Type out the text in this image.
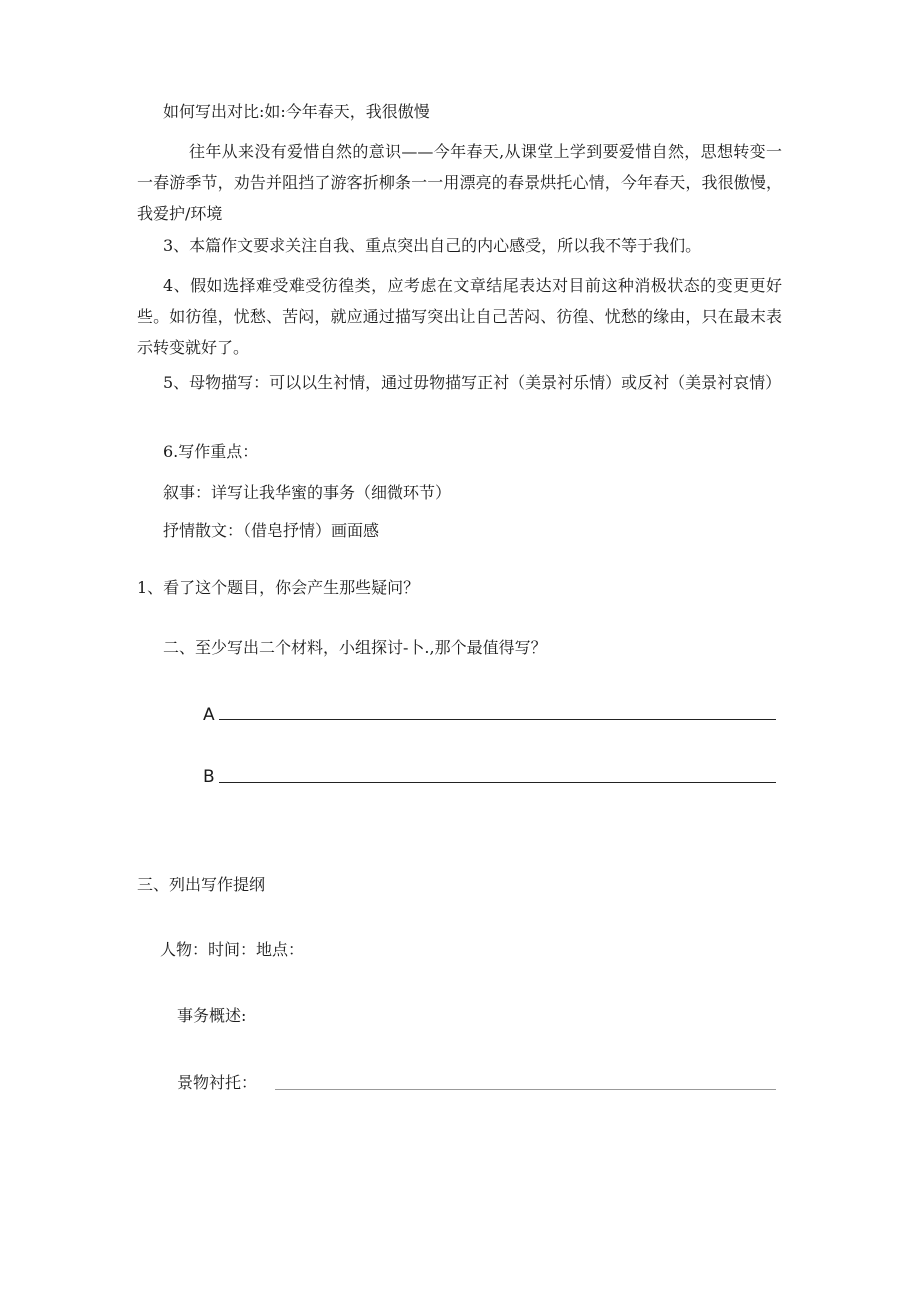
如何写出对比:如:今年春天，我很傲慢

往年从来没有爱惜自然的意识——今年春天,从课堂上学到要爱惜自然，思想转变一一春游季节，劝告并阻挡了游客折柳条一一用漂亮的春景烘托心情，今年春天，我很傲慢，我爱护/环境

3、本篇作文要求关注自我、重点突出自己的内心感受，所以我不等于我们。

4、假如选择难受难受彷徨类，应考虑在文章结尾表达对目前这种消极状态的变更更好些。如彷徨，忧愁、苦闷，就应通过描写突出让自己苦闷、彷徨、忧愁的缘由，只在最末表示转变就好了。

5、母物描写：可以以生衬情，通过毋物描写正衬（美景衬乐情）或反衬（美景衬哀情）

6.写作重点：
叙事：详写让我华蜜的事务（细微环节）
抒情散文：（借皂抒情）画面感
1、看了这个题目，你会产生那些疑问？
二、至少写出二个材料，小组探讨-卜.,那个最值得写？
A
B
三、列出写作提纲
人物：时间：地点：
事务概述:
景物衬托：
